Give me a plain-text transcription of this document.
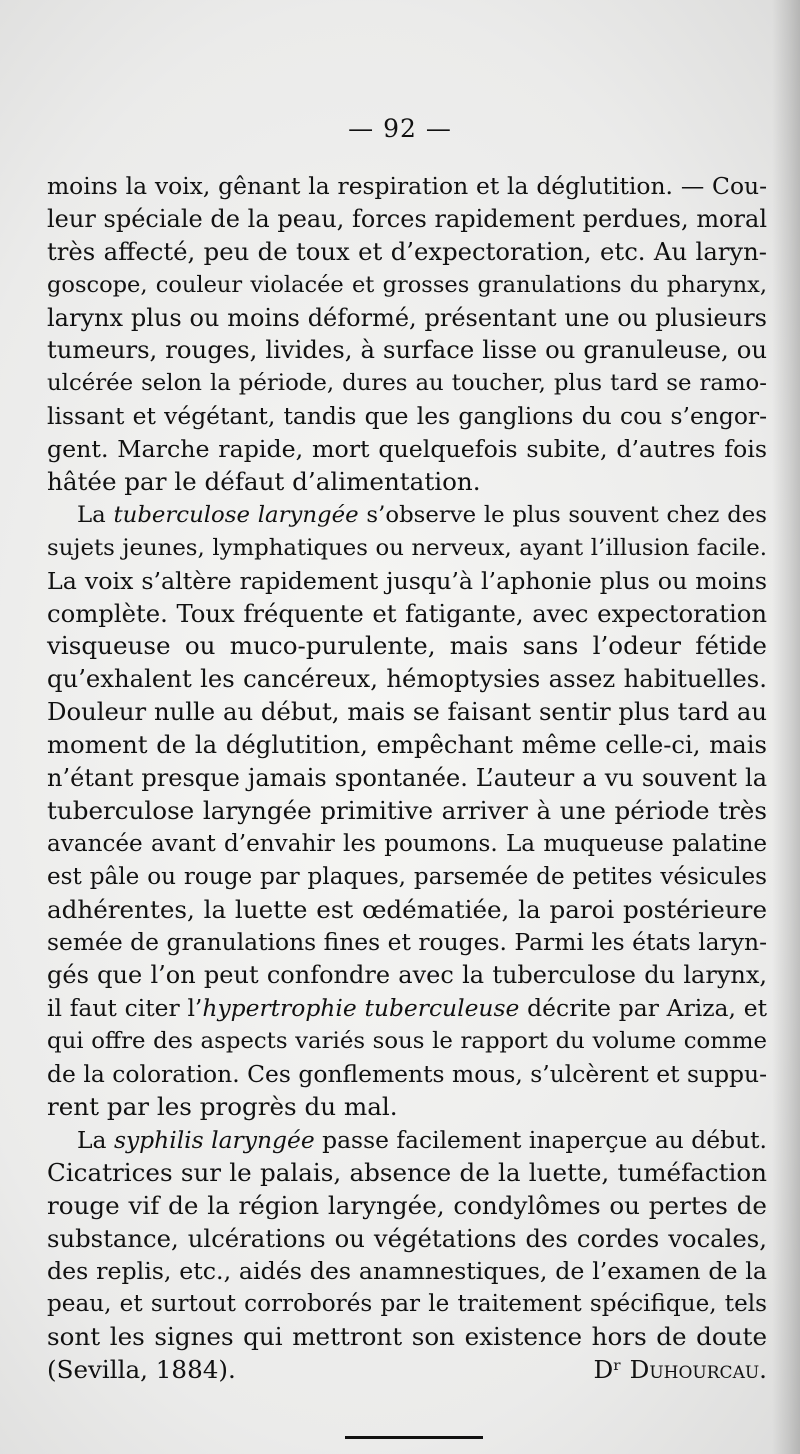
— 92 —
moins la voix, gênant la respiration et la déglutition. — Cou-
leur spéciale de la peau, forces rapidement perdues, moral
très affecté, peu de toux et d’expectoration, etc. Au laryn-
goscope, couleur violacée et grosses granulations du pharynx,
larynx plus ou moins déformé, présentant une ou plusieurs
tumeurs, rouges, livides, à surface lisse ou granuleuse, ou
ulcérée selon la période, dures au toucher, plus tard se ramo-
lissant et végétant, tandis que les ganglions du cou s’engor-
gent. Marche rapide, mort quelquefois subite, d’autres fois
hâtée par le défaut d’alimentation.
La tuberculose laryngée s’observe le plus souvent chez des
sujets jeunes, lymphatiques ou nerveux, ayant l’illusion facile.
La voix s’altère rapidement jusqu’à l’aphonie plus ou moins
complète. Toux fréquente et fatigante, avec expectoration
visqueuse ou muco-purulente, mais sans l’odeur fétide
qu’exhalent les cancéreux, hémoptysies assez habituelles.
Douleur nulle au début, mais se faisant sentir plus tard au
moment de la déglutition, empêchant même celle-ci, mais
n’étant presque jamais spontanée. L’auteur a vu souvent la
tuberculose laryngée primitive arriver à une période très
avancée avant d’envahir les poumons. La muqueuse palatine
est pâle ou rouge par plaques, parsemée de petites vésicules
adhérentes, la luette est œdématiée, la paroi postérieure
semée de granulations fines et rouges. Parmi les états laryn-
gés que l’on peut confondre avec la tuberculose du larynx,
il faut citer l’hypertrophie tuberculeuse décrite par Ariza, et
qui offre des aspects variés sous le rapport du volume comme
de la coloration. Ces gonflements mous, s’ulcèrent et suppu-
rent par les progrès du mal.
La syphilis laryngée passe facilement inaperçue au début.
Cicatrices sur le palais, absence de la luette, tuméfaction
rouge vif de la région laryngée, condylômes ou pertes de
substance, ulcérations ou végétations des cordes vocales,
des replis, etc., aidés des anamnestiques, de l’examen de la
peau, et surtout corroborés par le traitement spécifique, tels
sont les signes qui mettront son existence hors de doute
(Sevilla, 1884).	Dʳ Duhourcau.
